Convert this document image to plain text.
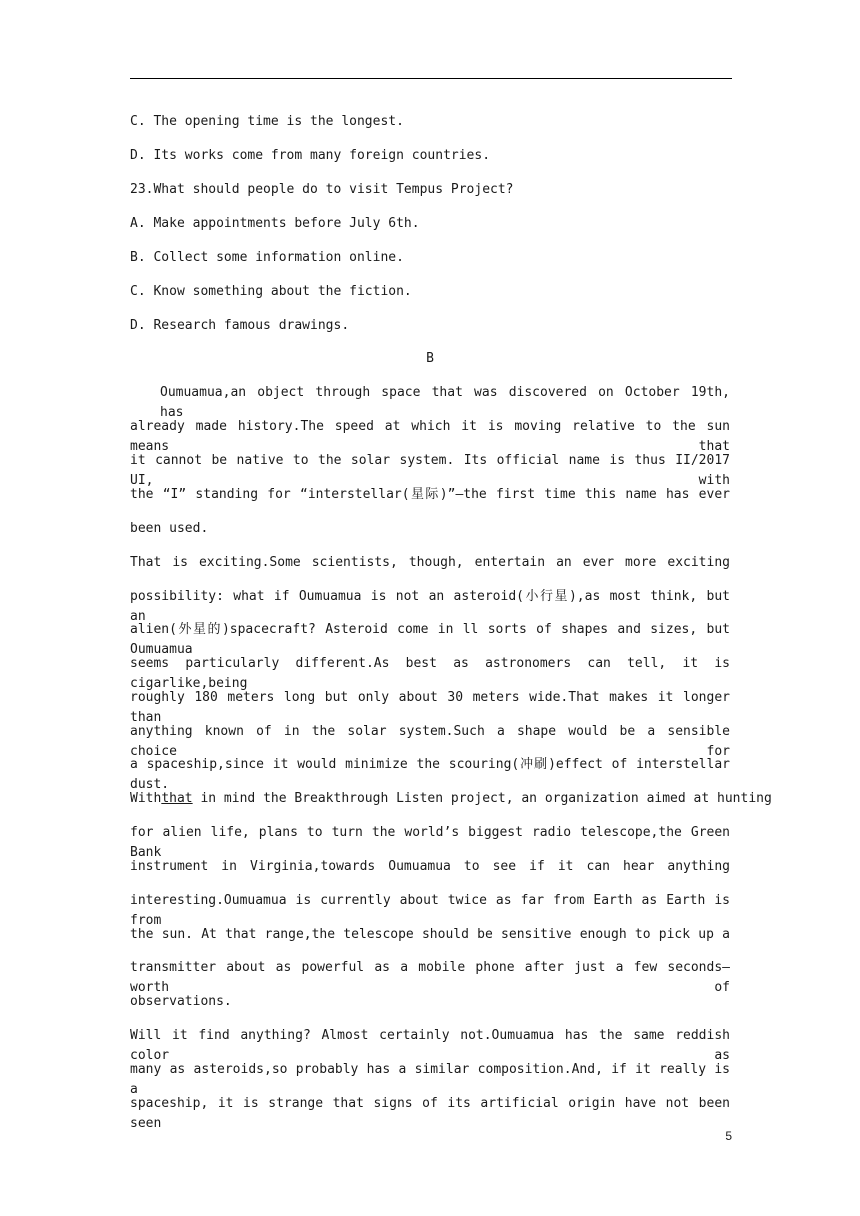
C. The opening time is the longest.
D. Its works come from many foreign countries.
23.What should people do to visit Tempus Project?
A. Make appointments before July 6th.
B. Collect some information online.
C. Know something about the fiction.
D. Research famous drawings.
B
Oumuamua,an object through space that was discovered on October 19th, has
already made history.The speed at which it is moving relative to the sun means that
it cannot be native to the solar system. Its official name is thus II/2017 UI, with
the “I” standing for “interstellar(星际)”—the first time this name has ever
been used.
That is exciting.Some scientists, though, entertain an ever more exciting
possibility: what if Oumuamua is not an asteroid(小行星),as most think, but an
alien(外星的)spacecraft? Asteroid come in ll sorts of shapes and sizes, but Oumuamua
seems particularly different.As best as astronomers can tell, it is cigarlike,being
roughly 180 meters long but only about 30 meters wide.That makes it longer than
anything known of in the solar system.Such a shape would be a sensible choice for
a spaceship,since it would minimize the scouring(冲刷)effect of interstellar dust.
Withthat in mind the Breakthrough Listen project, an organization aimed at hunting
for alien life, plans to turn the world’s biggest radio telescope,the Green Bank
instrument in Virginia,towards Oumuamua to see if it can hear anything
interesting.Oumuamua is currently about twice as far from Earth as Earth is from
the sun. At that range,the telescope should be sensitive enough to pick up a
transmitter about as powerful as a mobile phone after just a few seconds—worth of
observations.
Will it find anything? Almost certainly not.Oumuamua has the same reddish color as
many as asteroids,so probably has a similar composition.And, if it really is a
spaceship, it is strange that signs of its artificial origin have not been seen
5
